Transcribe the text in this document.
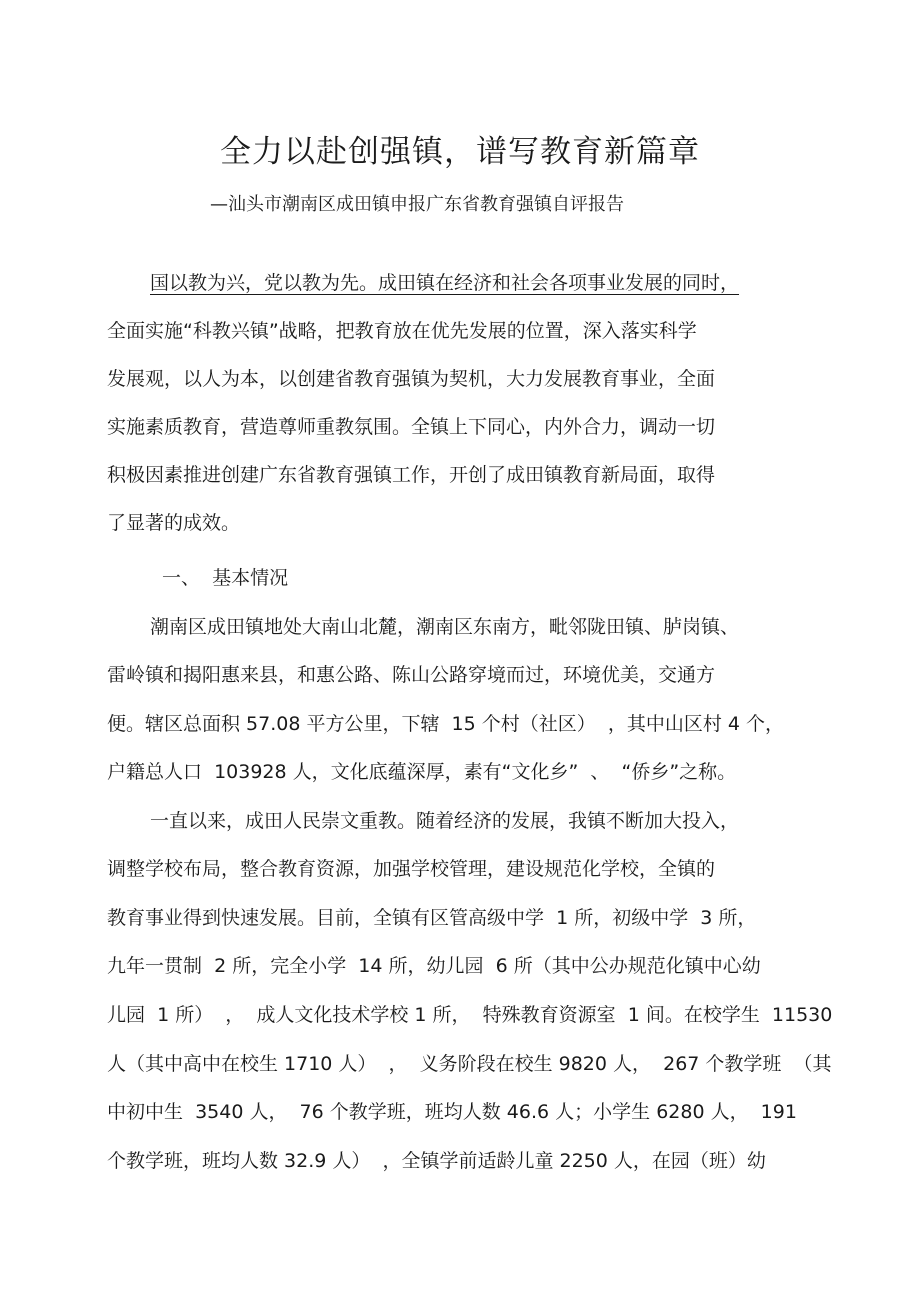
全力以赴创强镇，谱写教育新篇章

—汕头市潮南区成田镇申报广东省教育强镇自评报告

国以教为兴，党以教为先。成田镇在经济和社会各项事业发展的同时，
全面实施“科教兴镇”战略，把教育放在优先发展的位置，深入落实科学
发展观，以人为本，以创建省教育强镇为契机，大力发展教育事业，全面
实施素质教育，营造尊师重教氛围。全镇上下同心，内外合力，调动一切
积极因素推进创建广东省教育强镇工作，开创了成田镇教育新局面，取得
了显著的成效。
一、  基本情况
潮南区成田镇地处大南山北麓，潮南区东南方，毗邻陇田镇、胪岗镇、
雷岭镇和揭阳惠来县，和惠公路、陈山公路穿境而过，环境优美，交通方
便。辖区总面积 57.08 平方公里，下辖  15 个村（社区）  ，其中山区村 4 个，
户籍总人口  103928 人，文化底蕴深厚，素有“文化乡”  、  “侨乡”之称。
一直以来，成田人民崇文重教。随着经济的发展，我镇不断加大投入，
调整学校布局，整合教育资源，加强学校管理，建设规范化学校，全镇的
教育事业得到快速发展。目前，全镇有区管高级中学  1 所，初级中学  3 所，
九年一贯制  2 所，完全小学  14 所，幼儿园  6 所（其中公办规范化镇中心幼
儿园  1 所）  ，  成人文化技术学校 1 所，  特殊教育资源室  1 间。在校学生  11530
人（其中高中在校生 1710 人）  ，  义务阶段在校生 9820 人，  267 个教学班  （其
中初中生  3540 人，  76 个教学班，班均人数 46.6 人；小学生 6280 人，  191
个教学班，班均人数 32.9 人）  ，全镇学前适龄儿童 2250 人，在园（班）幼
